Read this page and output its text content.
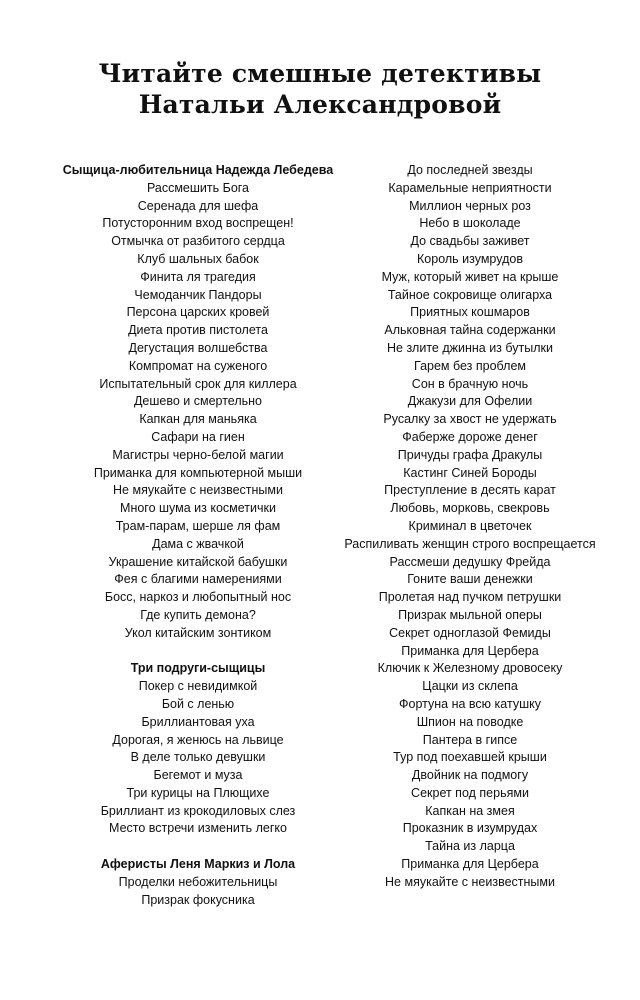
Читайте смешные детективы
Натальи Александровой
Сыщица-любительница Надежда Лебедева
Рассмешить Бога
Серенада для шефа
Потусторонним вход воспрещен!
Отмычка от разбитого сердца
Клуб шальных бабок
Финита ля трагедия
Чемоданчик Пандоры
Персона царских кровей
Диета против пистолета
Дегустация волшебства
Компромат на суженого
Испытательный срок для киллера
Дешево и смертельно
Капкан для маньяка
Сафари на гиен
Магистры черно-белой магии
Приманка для компьютерной мыши
Не мяукайте с неизвестными
Много шума из косметички
Трам-парам, шерше ля фам
Дама с жвачкой
Украшение китайской бабушки
Фея с благими намерениями
Босс, наркоз и любопытный нос
Где купить демона?
Укол китайским зонтиком
Три подруги-сыщицы
Покер с невидимкой
Бой с ленью
Бриллиантовая уха
Дорогая, я женюсь на львице
В деле только девушки
Бегемот и муза
Три курицы на Плющихе
Бриллиант из крокодиловых слез
Место встречи изменить легко
Аферисты Леня Маркиз и Лола
Проделки небожительницы
Призрак фокусника
До последней звезды
Карамельные неприятности
Миллион черных роз
Небо в шоколаде
До свадьбы заживет
Король изумрудов
Муж, который живет на крыше
Тайное сокровище олигарха
Приятных кошмаров
Альковная тайна содержанки
Не злите джинна из бутылки
Гарем без проблем
Сон в брачную ночь
Джакузи для Офелии
Русалку за хвост не удержать
Фаберже дороже денег
Причуды графа Дракулы
Кастинг Синей Бороды
Преступление в десять карат
Любовь, морковь, свекровь
Криминал в цветочек
Распиливать женщин строго воспрещается
Рассмеши дедушку Фрейда
Гоните ваши денежки
Пролетая над пучком петрушки
Призрак мыльной оперы
Секрет одноглазой Фемиды
Приманка для Цербера
Ключик к Железному дровосеку
Цацки из склепа
Фортуна на всю катушку
Шпион на поводке
Пантера в гипсе
Тур под поехавшей крыши
Двойник на подмогу
Секрет под перьями
Капкан на змея
Проказник в изумрудах
Тайна из ларца
Приманка для Цербера
Не мяукайте с неизвестными
